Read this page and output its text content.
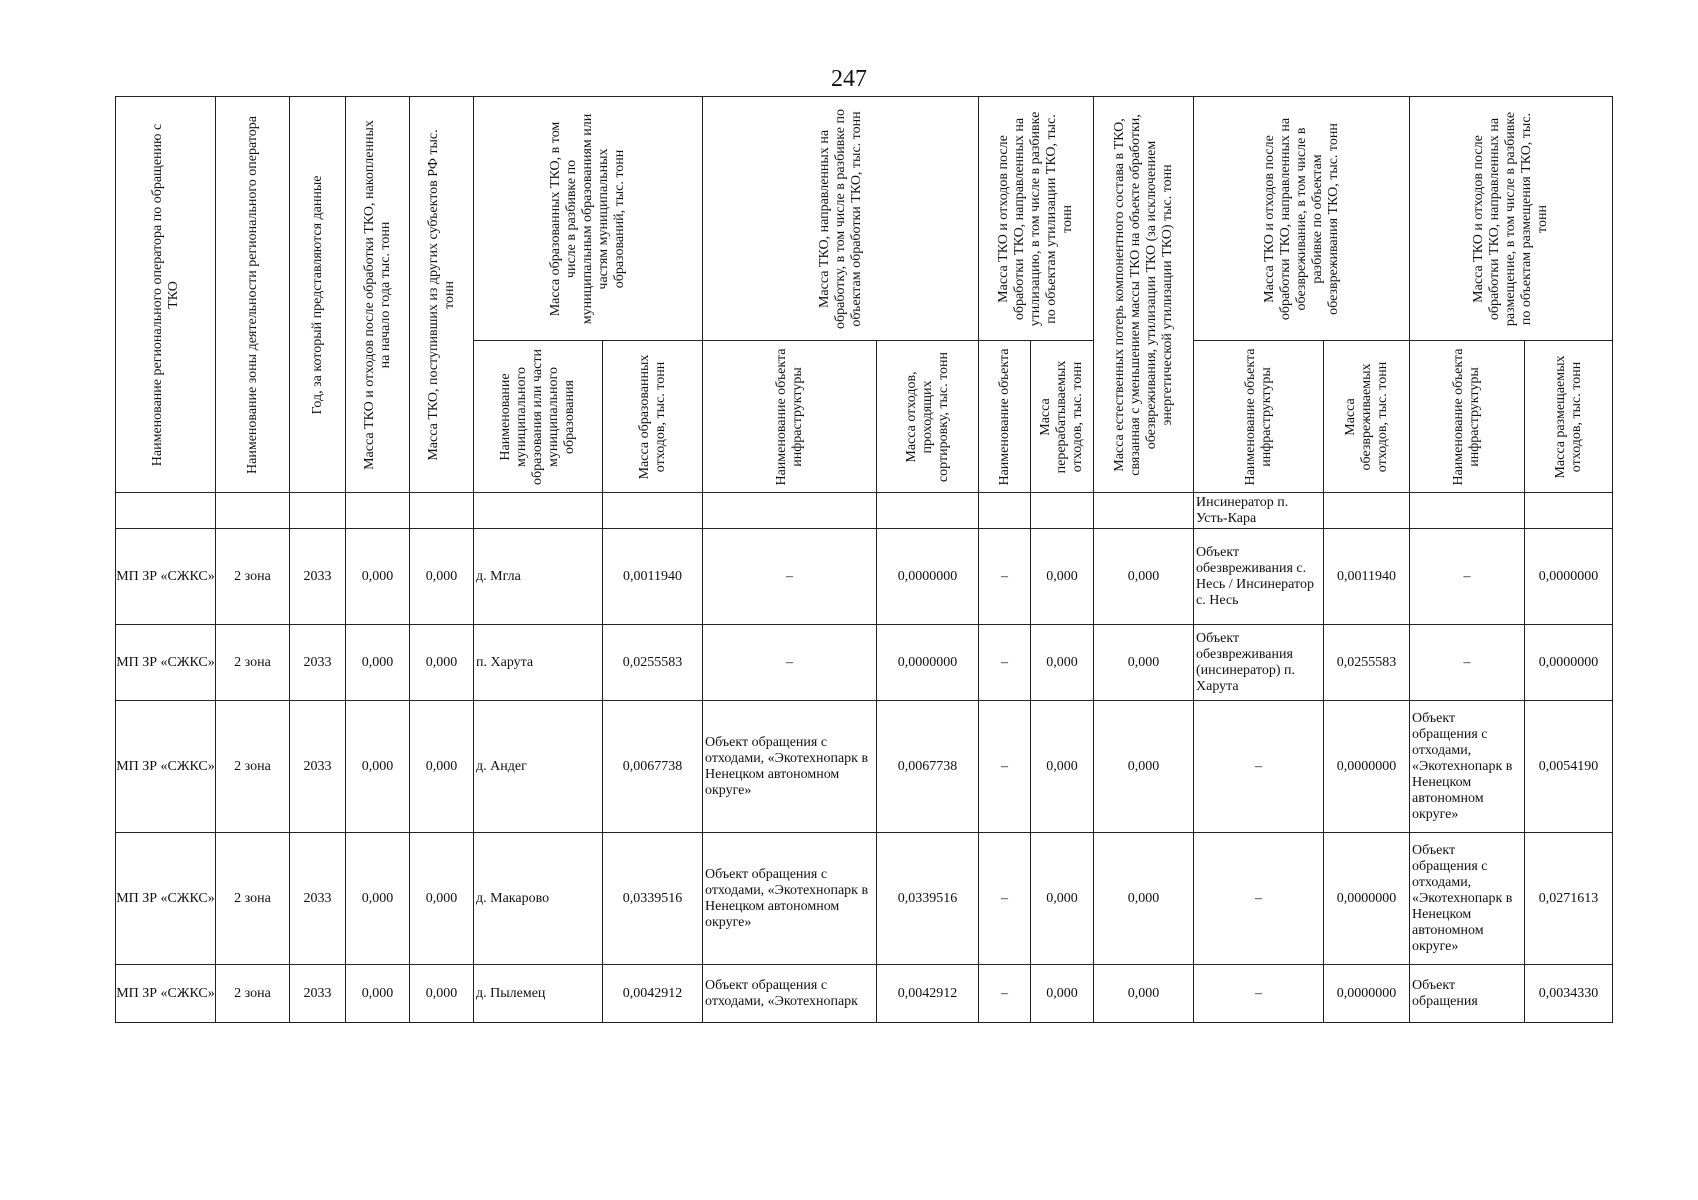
247
Наименование регионального оператора по обращению с ТКО	Наименование зоны деятельности регионального оператора	Год, за который представляются данные	Масса ТКО и отходов после обработки ТКО, накопленных на начало года тыс. тонн	Масса ТКО, поступивших из других субъектов РФ тыс. тонн	Масса образованных ТКО, в том числе в разбивке по муниципальным образованиям или частям муниципальных образований, тыс. тонн		Масса ТКО, направленных на обработку, в том числе в разбивке по объектам обработки ТКО, тыс. тонн		Масса ТКО и отходов после обработки ТКО, направленных на утилизацию, в том числе в разбивке по объектам утилизации ТКО, тыс. тонн		Масса естественных потерь компонентного состава в ТКО, связанная с уменьшением массы ТКО на объекте обработки, обезвреживания, утилизации ТКО (за исключением энергетической утилизации ТКО) тыс. тонн	Масса ТКО и отходов после обработки ТКО, направленных на обезвреживание, в том числе в разбивке по объектам обезвреживания ТКО, тыс. тонн		Масса ТКО и отходов после обработки ТКО, направленных на размещение, в том числе в разбивке по объектам размещения ТКО, тыс. тонн	

					Наименование муниципального образования или части муниципального образования	Масса образованных отходов, тыс. тонн	Наименование объекта инфраструктуры	Масса отходов, проходящих сортировку, тыс. тонн	Наименование объекта	Масса перерабатываемых отходов, тыс. тонн		Наименование объекта инфраструктуры	Масса обезвреживаемых отходов, тыс. тонн	Наименование объекта инфраструктуры	Масса размещаемых отходов, тыс. тонн

												Инсинератор п. Усть-Кара			
МП ЗР «СЖКС»	2 зона	2033	0,000	0,000	д. Мгла	0,0011940	–	0,0000000	–	0,000	0,000	Объект обезвреживания с. Несь / Инсинератор с. Несь	0,0011940	–	0,0000000
МП ЗР «СЖКС»	2 зона	2033	0,000	0,000	п. Харута	0,0255583	–	0,0000000	–	0,000	0,000	Объект обезвреживания (инсинератор) п. Харута	0,0255583	–	0,0000000
МП ЗР «СЖКС»	2 зона	2033	0,000	0,000	д. Андег	0,0067738	Объект обращения с отходами, «Экотехнопарк в Ненецком автономном округе»	0,0067738	–	0,000	0,000	–	0,0000000	Объект обращения с отходами, «Экотехнопарк в Ненецком автономном округе»	0,0054190
МП ЗР «СЖКС»	2 зона	2033	0,000	0,000	д. Макарово	0,0339516	Объект обращения с отходами, «Экотехнопарк в Ненецком автономном округе»	0,0339516	–	0,000	0,000	–	0,0000000	Объект обращения с отходами, «Экотехнопарк в Ненецком автономном округе»	0,0271613
МП ЗР «СЖКС»	2 зона	2033	0,000	0,000	д. Пылемец	0,0042912	Объект обращения с отходами, «Экотехнопарк	0,0042912	–	0,000	0,000	–	0,0000000	Объект обращения	0,0034330
